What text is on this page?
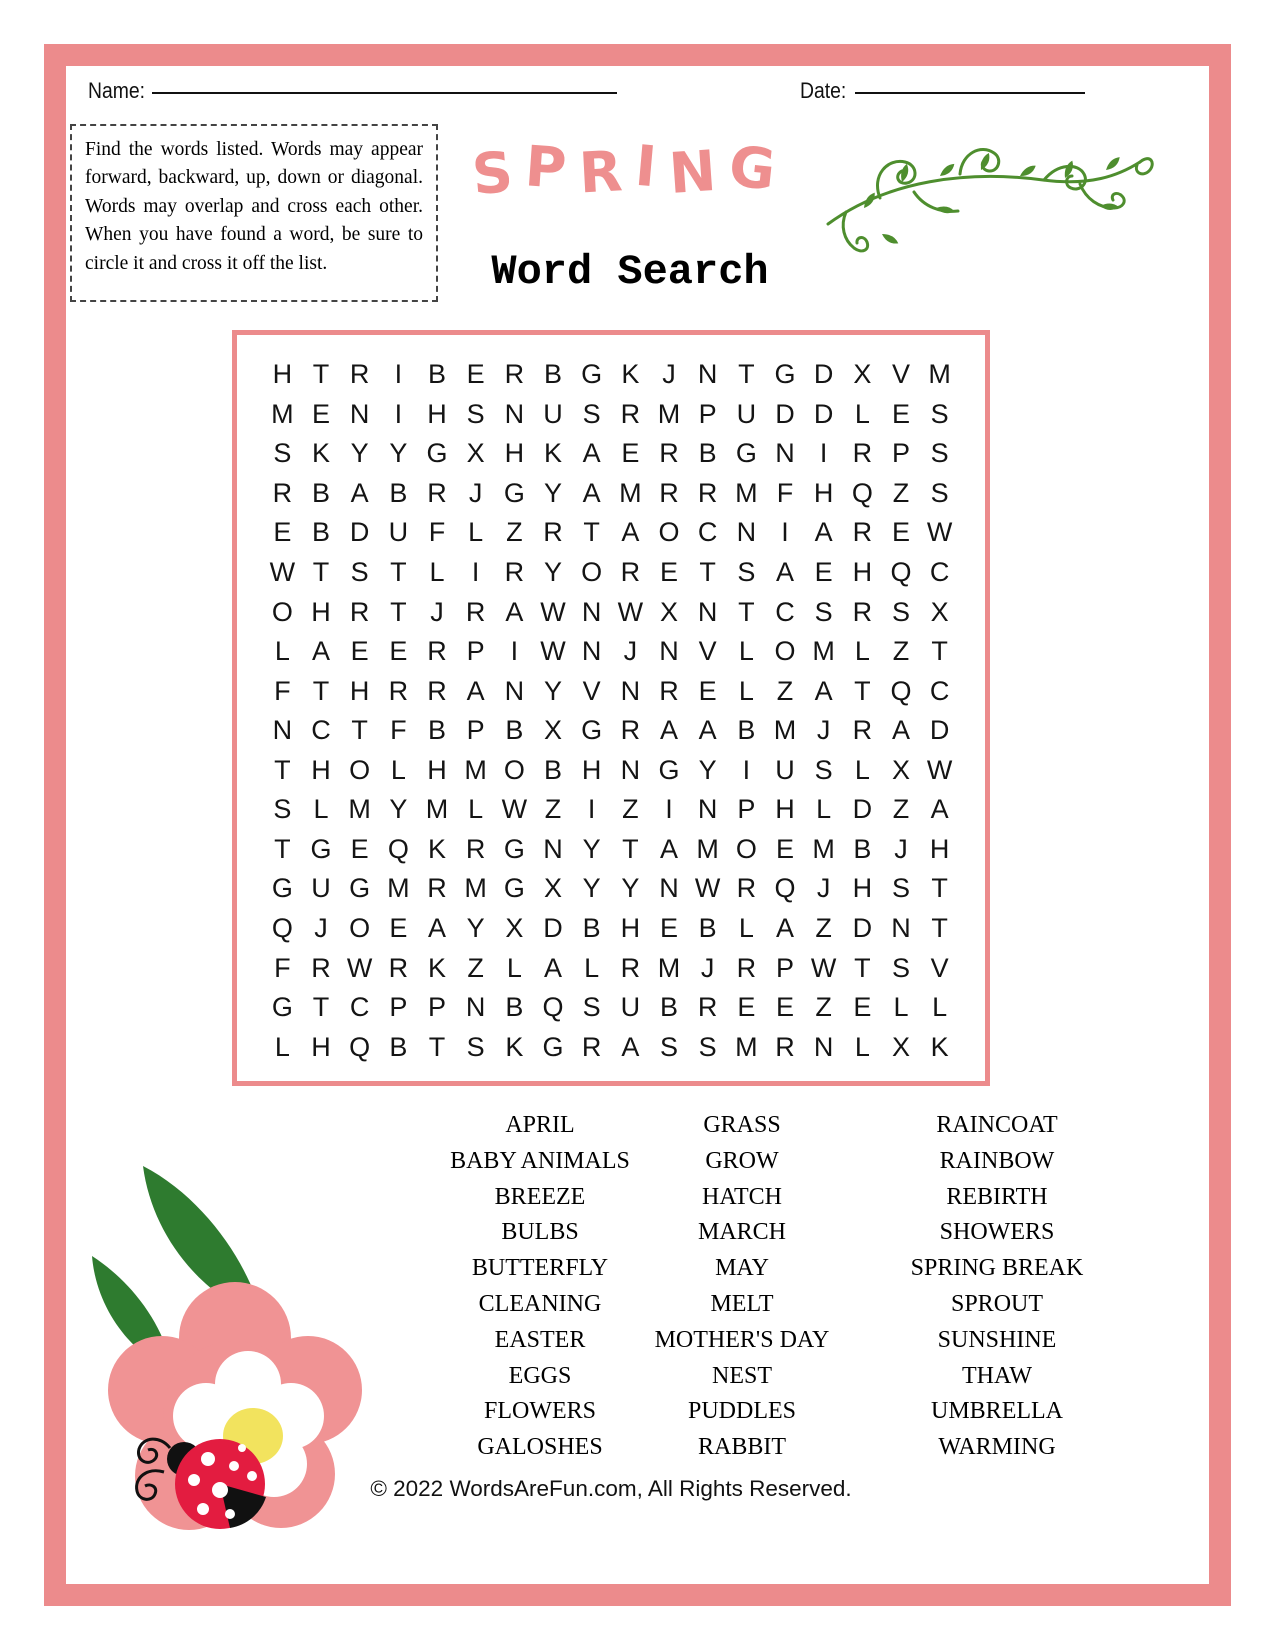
Name:	Date:
Find the words listed. Words may appear forward, backward, up, down or diagonal. Words may overlap and cross each other. When you have found a word, be sure to circle it and cross it off the list.
SPRING
Word Search
H T R I B E R B G K J N T G D X V M
M E N I H S N U S R M P U D D L E S
S K Y Y G X H K A E R B G N I R P S
R B A B R J G Y A M R R M F H Q Z S
E B D U F L Z R T A O C N I A R E W
W T S T L	I R Y O R E T S A E H Q C
O H R T J R A W N W X N T C S R S X
L A E E R P I W N J N V L O M L Z T
F T H R R A N Y V N R E L Z A T Q C
N C T F B P B X G R A A B M J R A D
T H O L H M O B H N G Y I U S L X W
S L M Y M L W Z I Z I N P H L D Z A
T G E Q K R G N Y T A M O E M B J H
G U G M R M G X Y Y N W R Q J H S T
Q J O E A Y X D B H E B L A Z D N T
F R W R K Z L A L R M J R P W T S V
G T C P P N B Q S U B R E E Z E L L
L H Q B T S K G R A S S M R N L X K
APRIL
BABY ANIMALS
BREEZE
BULBS
BUTTERFLY
CLEANING
EASTER
EGGS
FLOWERS
GALOSHES
GRASS
GROW
HATCH
MARCH
MAY
MELT
MOTHER'S DAY
NEST
PUDDLES
RABBIT
RAINCOAT
RAINBOW
REBIRTH
SHOWERS
SPRING BREAK
SPROUT
SUNSHINE
THAW
UMBRELLA
WARMING
© 2022 WordsAreFun.com, All Rights Reserved.
